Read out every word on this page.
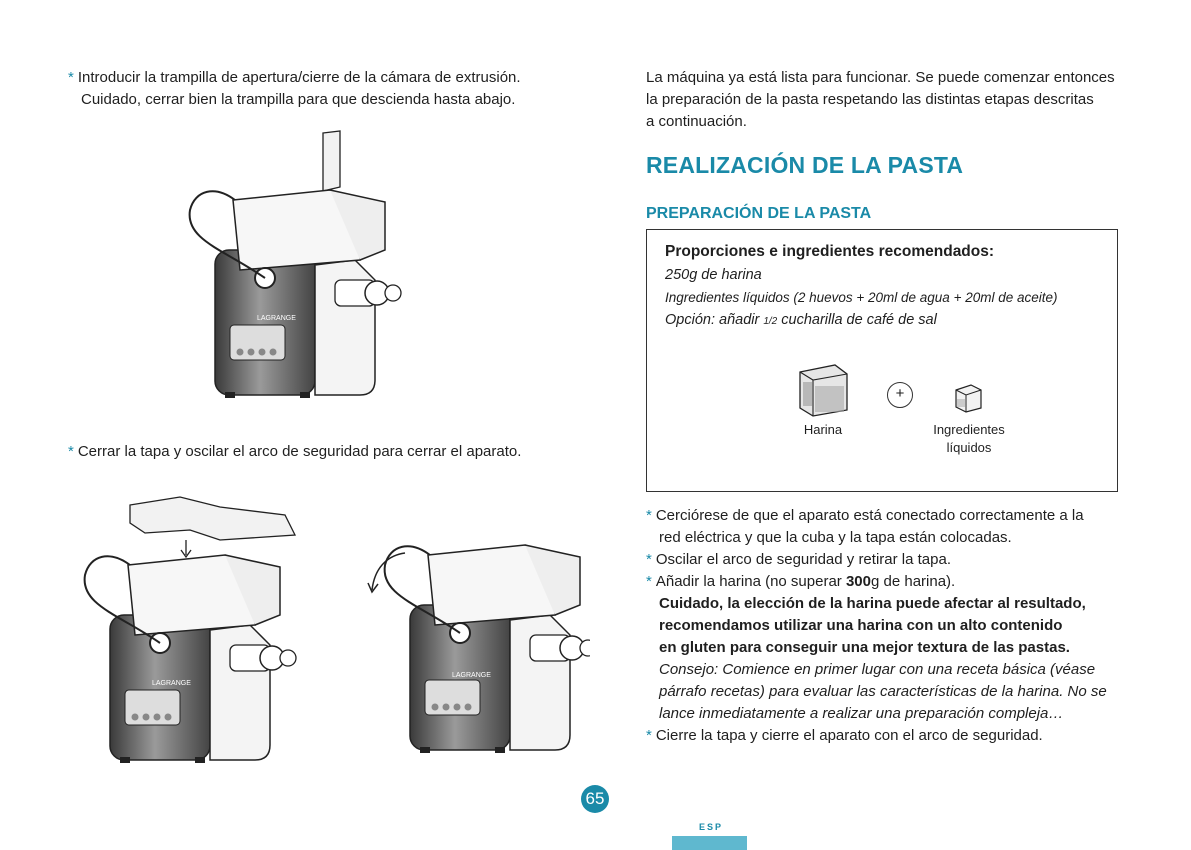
* Introducir la trampilla de apertura/cierre de la cámara de extrusión.
Cuidado, cerrar bien la trampilla para que descienda hasta abajo.
LAGRANGE
* Cerrar la tapa y oscilar el arco de seguridad para cerrar el aparato.
LAGRANGE
LAGRANGE
La máquina ya está lista para funcionar. Se puede comenzar entonces
la preparación de la pasta respetando las distintas etapas descritas
a continuación.
REALIZACIÓN DE LA PASTA
PREPARACIÓN DE LA PASTA
Proporciones e ingredientes recomendados:
250g de harina
Ingredientes líquidos (2 huevos + 20ml de agua + 20ml de aceite)
Opción: añadir 1/2 cucharilla de café de sal
+
Harina	Ingredientes
líquidos
* Cerciórese de que el aparato está conectado correctamente a la
red eléctrica y que la cuba y la tapa están colocadas.
* Oscilar el arco de seguridad y retirar la tapa.
* Añadir la harina (no superar 300g de harina).
Cuidado, la elección de la harina puede afectar al resultado,
recomendamos utilizar una harina con un alto contenido
en gluten para conseguir una mejor textura de las pastas.
Consejo: Comience en primer lugar con una receta básica (véase
párrafo recetas) para evaluar las características de la harina. No se
lance inmediatamente a realizar una preparación compleja…
* Cierre la tapa y cierre el aparato con el arco de seguridad.
65
ESP
